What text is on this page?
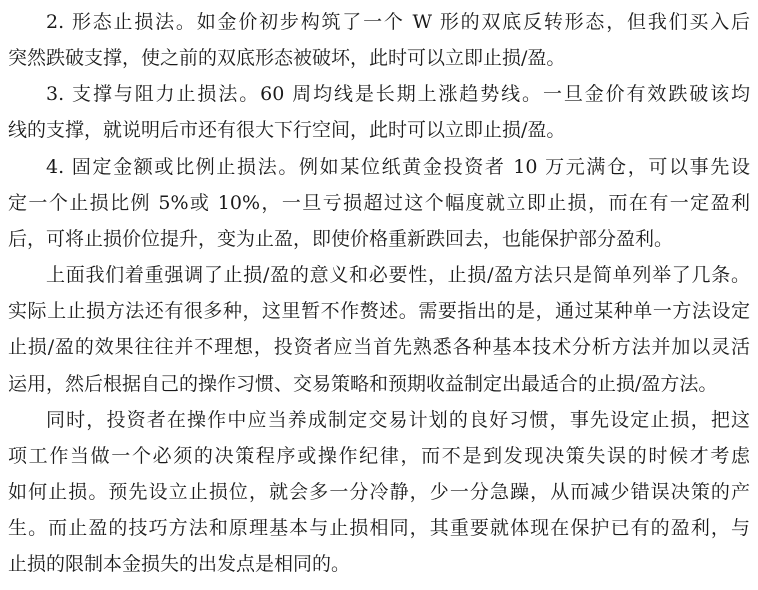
2. 形态止损法。如金价初步构筑了一个 W 形的双底反转形态，但我们买入后
突然跌破支撑，使之前的双底形态被破坏，此时可以立即止损/盈。
3. 支撑与阻力止损法。60 周均线是长期上涨趋势线。一旦金价有效跌破该均
线的支撑，就说明后市还有很大下行空间，此时可以立即止损/盈。
4. 固定金额或比例止损法。例如某位纸黄金投资者 10 万元满仓，可以事先设
定一个止损比例 5%或 10%，一旦亏损超过这个幅度就立即止损，而在有一定盈利
后，可将止损价位提升，变为止盈，即使价格重新跌回去，也能保护部分盈利。
上面我们着重强调了止损/盈的意义和必要性，止损/盈方法只是简单列举了几条。
实际上止损方法还有很多种，这里暂不作赘述。需要指出的是，通过某种单一方法设定
止损/盈的效果往往并不理想，投资者应当首先熟悉各种基本技术分析方法并加以灵活
运用，然后根据自己的操作习惯、交易策略和预期收益制定出最适合的止损/盈方法。
同时，投资者在操作中应当养成制定交易计划的良好习惯，事先设定止损，把这
项工作当做一个必须的决策程序或操作纪律，而不是到发现决策失误的时候才考虑
如何止损。预先设立止损位，就会多一分冷静，少一分急躁，从而减少错误决策的产
生。而止盈的技巧方法和原理基本与止损相同，其重要就体现在保护已有的盈利，与
止损的限制本金损失的出发点是相同的。
